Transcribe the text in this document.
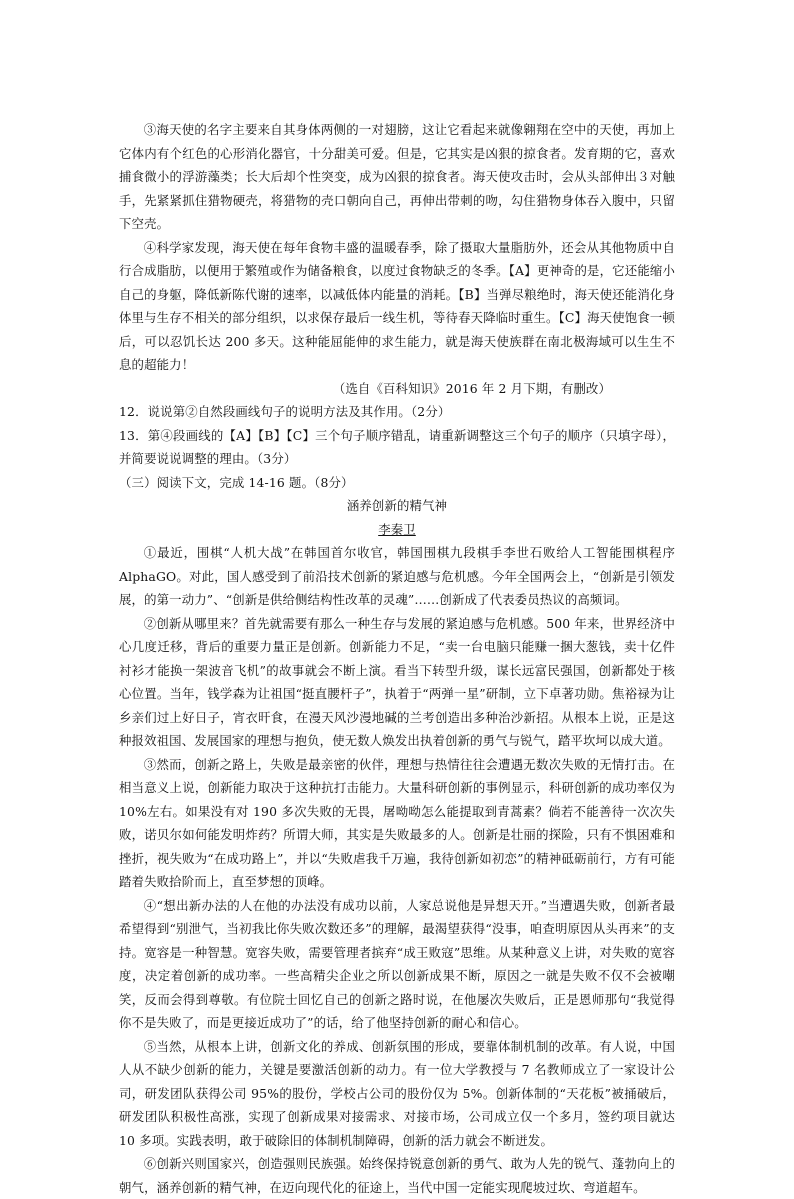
③海天使的名字主要来自其身体两侧的一对翅膀，这让它看起来就像翱翔在空中的天使，再加上它体内有个红色的心形消化器官，十分甜美可爱。但是，它其实是凶狠的掠食者。发育期的它，喜欢捕食微小的浮游藻类；长大后却个性突变，成为凶狠的掠食者。海天使攻击时，会从头部伸出３对触手，先紧紧抓住猎物硬壳，将猎物的壳口朝向自己，再伸出带刺的吻，勾住猎物身体吞入腹中，只留下空壳。

④科学家发现，海天使在每年食物丰盛的温暖春季，除了摄取大量脂肪外，还会从其他物质中自行合成脂肪，以便用于繁殖或作为储备粮食，以度过食物缺乏的冬季。【A】更神奇的是，它还能缩小自己的身躯，降低新陈代谢的速率，以减低体内能量的消耗。【B】当弹尽粮绝时，海天使还能消化身体里与生存不相关的部分组织，以求保存最后一线生机，等待春天降临时重生。【C】海天使饱食一顿后，可以忍饥长达 200 多天。这种能屈能伸的求生能力，就是海天使族群在南北极海域可以生生不息的超能力！

（选自《百科知识》2016 年 2 月下期，有删改）

12．说说第②自然段画线句子的说明方法及其作用。（2分）

13．第④段画线的【A】【B】【C】三个句子顺序错乱，请重新调整这三个句子的顺序（只填字母），并简要说说调整的理由。（3分）

（三）阅读下文，完成 14-16 题。（8分）

涵养创新的精气神

李秦卫

①最近，围棋“人机大战”在韩国首尔收官，韩国围棋九段棋手李世石败给人工智能围棋程序 AlphaGO。对此，国人感受到了前沿技术创新的紧迫感与危机感。今年全国两会上，“创新是引领发展，的第一动力”、“创新是供给侧结构性改革的灵魂”……创新成了代表委员热议的高频词。

②创新从哪里来？首先就需要有那么一种生存与发展的紧迫感与危机感。500 年来，世界经济中心几度迁移，背后的重要力量正是创新。创新能力不足，“卖一台电脑只能赚一捆大葱钱，卖十亿件衬衫才能换一架波音飞机”的故事就会不断上演。看当下转型升级，谋长远富民强国，创新都处于核心位置。当年，钱学森为让祖国“挺直腰杆子”，执着于“两弹一星”研制，立下卓著功勋。焦裕禄为让乡亲们过上好日子，宵衣旰食，在漫天风沙漫地碱的兰考创造出多种治沙新招。从根本上说，正是这种报效祖国、发展国家的理想与抱负，使无数人焕发出执着创新的勇气与锐气，踏平坎坷以成大道。

③然而，创新之路上，失败是最亲密的伙伴，理想与热情往往会遭遇无数次失败的无情打击。在相当意义上说，创新能力取决于这种抗打击能力。大量科研创新的事例显示，科研创新的成功率仅为 10%左右。如果没有对 190 多次失败的无畏，屠呦呦怎么能提取到青蒿素？倘若不能善待一次次失败，诺贝尔如何能发明炸药？所谓大师，其实是失败最多的人。创新是壮丽的探险，只有不惧困难和挫折，视失败为“在成功路上”，并以“失败虐我千万遍，我待创新如初恋”的精神砥砺前行，方有可能踏着失败拾阶而上，直至梦想的顶峰。

④“想出新办法的人在他的办法没有成功以前，人家总说他是异想天开。”当遭遇失败，创新者最希望得到“别泄气，当初我比你失败次数还多”的理解，最渴望获得“没事，咱查明原因从头再来”的支持。宽容是一种智慧。宽容失败，需要管理者摈弃“成王败寇”思维。从某种意义上讲，对失败的宽容度，决定着创新的成功率。一些高精尖企业之所以创新成果不断，原因之一就是失败不仅不会被嘲笑，反而会得到尊敬。有位院士回忆自己的创新之路时说，在他屡次失败后，正是恩师那句“我觉得你不是失败了，而是更接近成功了”的话，给了他坚持创新的耐心和信心。

⑤当然，从根本上讲，创新文化的养成、创新氛围的形成，要靠体制机制的改革。有人说，中国人从不缺少创新的能力，关键是要激活创新的动力。有一位大学教授与 7 名教师成立了一家设计公司，研发团队获得公司 95%的股份，学校占公司的股份仅为 5%。创新体制的“天花板”被捅破后，研发团队积极性高涨，实现了创新成果对接需求、对接市场，公司成立仅一个多月，签约项目就达 10 多项。实践表明，敢于破除旧的体制机制障碍，创新的活力就会不断迸发。

⑥创新兴则国家兴，创造强则民族强。始终保持锐意创新的勇气、敢为人先的锐气、蓬勃向上的朝气，涵养创新的精气神，在迈向现代化的征途上，当代中国一定能实现爬坡过坎、弯道超车。
